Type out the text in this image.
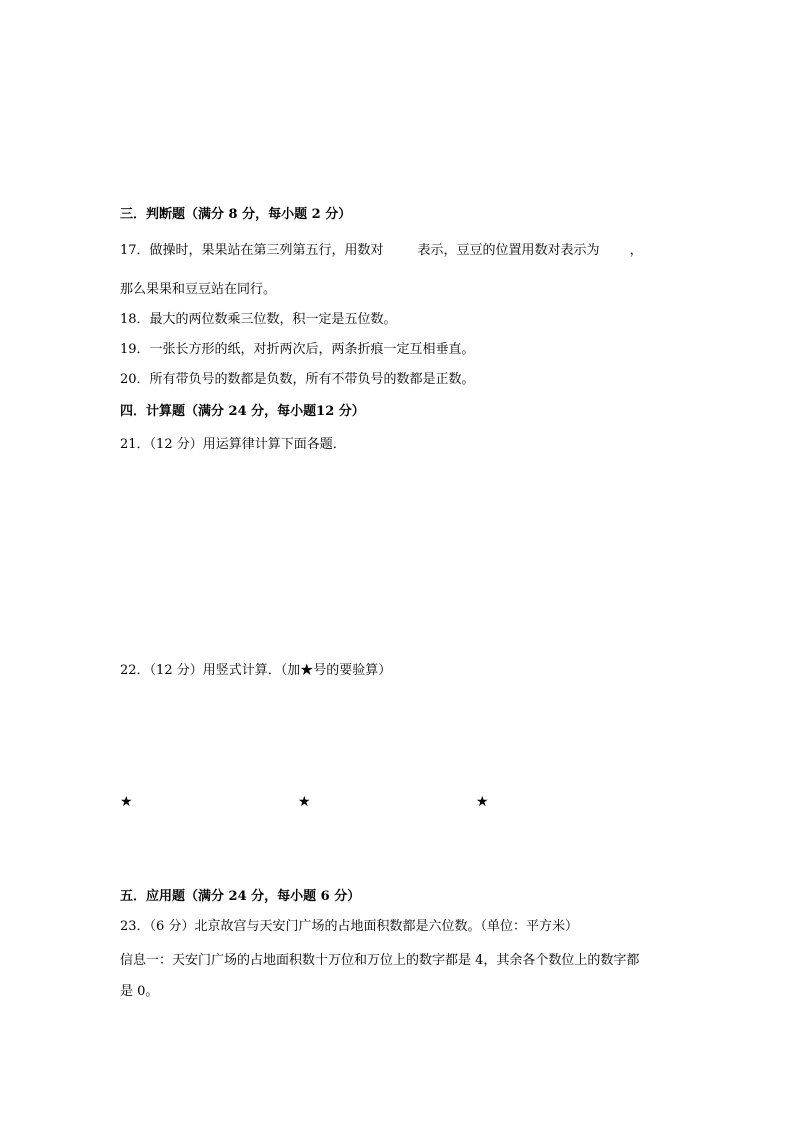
三．判断题（满分 8 分，每小题 2 分）
17．做操时，果果站在第三列第五行，用数对	表示，豆豆的位置用数对表示为 ，
那么果果和豆豆站在同行。
18．最大的两位数乘三位数，积一定是五位数。
19．一张长方形的纸，对折两次后，两条折痕一定互相垂直。
20．所有带负号的数都是负数，所有不带负号的数都是正数。
四．计算题（满分 24 分，每小题12 分）
21．（12 分）用运算律计算下面各题．
22．（12 分）用竖式计算．（加★号的要验算）
★	★	★
五．应用题（满分 24 分，每小题 6 分）
23．（6 分）北京故宫与天安门广场的占地面积数都是六位数。（单位：平方米）
信息一：天安门广场的占地面积数十万位和万位上的数字都是 4，其余各个数位上的数字都
是 0。
